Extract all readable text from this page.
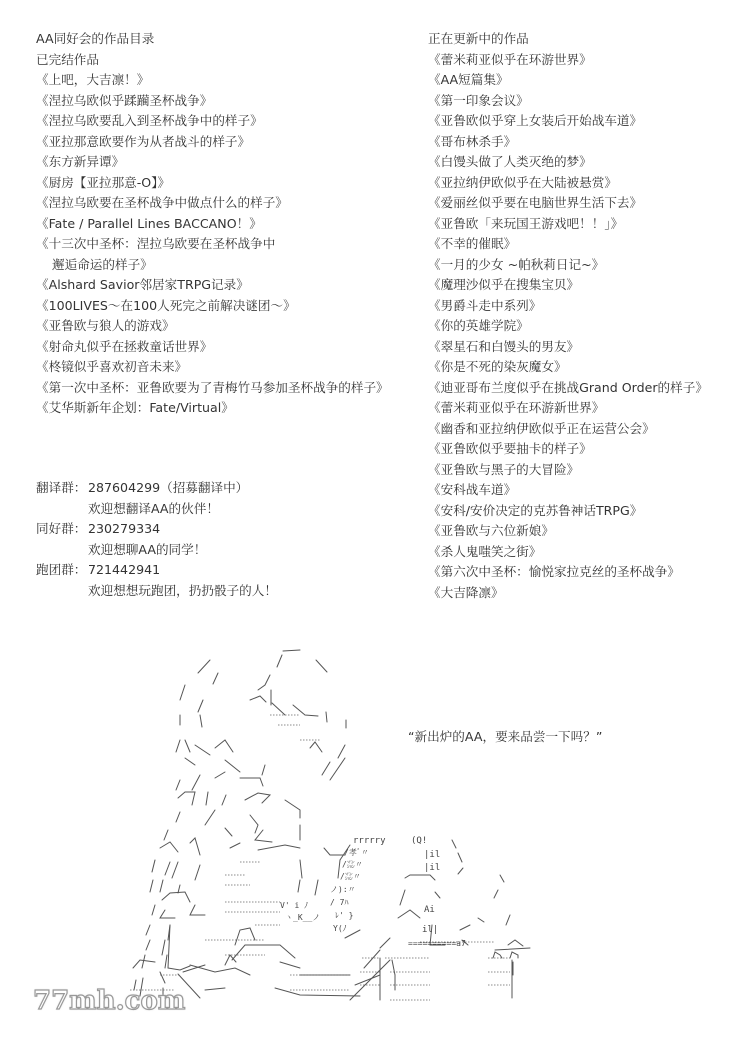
AA同好会的作品目录
已完结作品
《上吧，大吉凛！》
《涅拉乌欧似乎蹂躏圣杯战争》
《涅拉乌欧要乱入到圣杯战争中的样子》
《亚拉那意欧要作为从者战斗的样子》
《东方新异谭》
《厨房【亚拉那意-O】》
《涅拉乌欧要在圣杯战争中做点什么的样子》
《Fate / Parallel Lines BACCANO！》
《十三次中圣杯：涅拉乌欧要在圣杯战争中
邂逅命运的样子》
《Alshard Savior邻居家TRPG记录》
《100LIVES～在100人死完之前解决谜团～》
《亚鲁欧与狼人的游戏》
《射命丸似乎在拯救童话世界》
《柊镜似乎喜欢初音未来》
《第一次中圣杯：亚鲁欧要为了青梅竹马参加圣杯战争的样子》
《艾华斯新年企划：Fate/Virtual》
正在更新中的作品
《蕾米莉亚似乎在环游世界》
《AA短篇集》
《第一印象会议》
《亚鲁欧似乎穿上女装后开始战车道》
《哥布林杀手》
《白馒头做了人类灭绝的梦》
《亚拉纳伊欧似乎在大陆被悬赏》
《爱丽丝似乎要在电脑世界生活下去》
《亚鲁欧「来玩国王游戏吧！！」》
《不幸的催眠》
《一月的少女 ~帕秋莉日记~》
《魔理沙似乎在搜集宝贝》
《男爵斗走中系列》
《你的英雄学院》
《翠星石和白馒头的男友》
《你是不死的染灰魔女》
《迪亚哥布兰度似乎在挑战Grand Order的样子》
《蕾米莉亚似乎在环游新世界》
《幽香和亚拉纳伊欧似乎正在运营公会》
《亚鲁欧似乎要抽卡的样子》
《亚鲁欧与黑子的大冒险》
《安科战车道》
《安科/安价决定的克苏鲁神话TRPG》
《亚鲁欧与六位新娘》
《杀人鬼嗤笑之街》
《第六次中圣杯：愉悦家拉克丝的圣杯战争》
《大吉降凛》
翻译群： 287604299（招募翻译中）
欢迎想翻译AA的伙伴！
同好群： 230279334
欢迎想聊AA的同学！
跑团群： 721442941
欢迎想想玩跑团，扔扔骰子的人！
rrrrry
/孝ﾞ〃
/㍇〃
/㍇〃
ノ):〃
/ 7ﾊ
ﾚ' }
Y(ﾉ
(Q!
|il
|il
Ai
il|
V' i ﾉ
ヽ_K__ノ
==========a7
“新出炉的AA，要来品尝一下吗？”
77mh.com
